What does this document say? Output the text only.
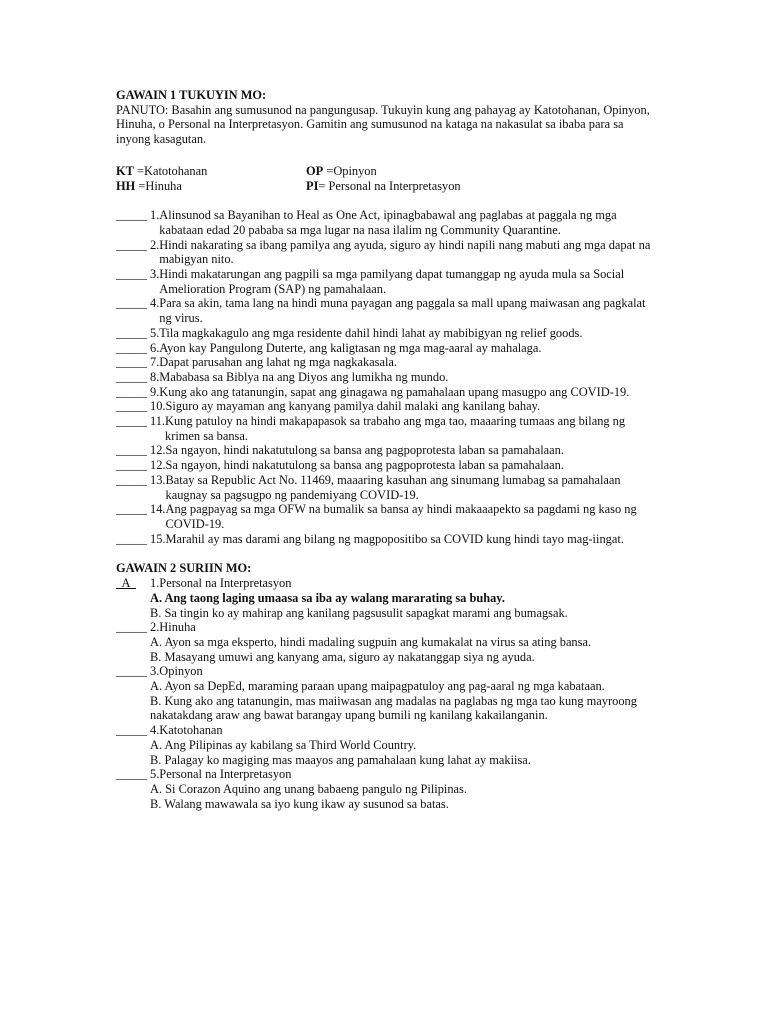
GAWAIN 1 TUKUYIN MO:

PANUTO: Basahin ang sumusunod na pangungusap. Tukuyin kung ang pahayag ay Katotohanan, Opinyon, Hinuha, o Personal na Interpretasyon. Gamitin ang sumusunod na kataga na nakasulat sa ibaba para sa inyong kasagutan.

KT =Katotohanan	OP =Opinyon
HH =Hinuha	PI= Personal na Interpretasyon
_____ 1. Alinsunod sa Bayanihan to Heal as One Act, ipinagbabawal ang paglabas at paggala ng mga kabataan edad 20 pababa sa mga lugar na nasa ilalim ng Community Quarantine.
_____ 2. Hindi nakarating sa ibang pamilya ang ayuda, siguro ay hindi napili nang mabuti ang mga dapat na mabigyan nito.
_____ 3. Hindi makatarungan ang pagpili sa mga pamilyang dapat tumanggap ng ayuda mula sa Social Amelioration Program (SAP) ng pamahalaan.
_____ 4. Para sa akin, tama lang na hindi muna payagan ang paggala sa mall upang maiwasan ang pagkalat ng virus.
_____ 5. Tila magkakagulo ang mga residente dahil hindi lahat ay mabibigyan ng relief goods.
_____ 6. Ayon kay Pangulong Duterte, ang kaligtasan ng mga mag-aaral ay mahalaga.
_____ 7. Dapat parusahan ang lahat ng mga nagkakasala.
_____ 8. Mababasa sa Biblya na ang Diyos ang lumikha ng mundo.
_____ 9. Kung ako ang tatanungin, sapat ang ginagawa ng pamahalaan upang masugpo ang COVID-19.
_____ 10. Siguro ay mayaman ang kanyang pamilya dahil malaki ang kanilang bahay.
_____ 11. Kung patuloy na hindi makapapasok sa trabaho ang mga tao, maaaring tumaas ang bilang ng krimen sa bansa.
_____ 12. Sa ngayon, hindi nakatutulong sa bansa ang pagpoprotesta laban sa pamahalaan.
_____ 12. Sa ngayon, hindi nakatutulong sa bansa ang pagpoprotesta laban sa pamahalaan.
_____ 13. Batay sa Republic Act No. 11469, maaaring kasuhan ang sinumang lumabag sa pamahalaan kaugnay sa pagsugpo ng pandemiyang COVID-19.
_____ 14. Ang pagpayag sa mga OFW na bumalik sa bansa ay hindi makaaapekto sa pagdami ng kaso ng COVID-19.
_____ 15. Marahil ay mas darami ang bilang ng magpopositibo sa COVID kung hindi tayo mag-iingat.

GAWAIN 2 SURIIN MO:

A	1. Personal na Interpretasyon
A. Ang taong laging umaasa sa iba ay walang mararating sa buhay.
B. Sa tingin ko ay mahirap ang kanilang pagsusulit sapagkat marami ang bumagsak.
_____ 2. Hinuha
A. Ayon sa mga eksperto, hindi madaling sugpuin ang kumakalat na virus sa ating bansa.
B. Masayang umuwi ang kanyang ama, siguro ay nakatanggap siya ng ayuda.
_____ 3. Opinyon
A. Ayon sa DepEd, maraming paraan upang maipagpatuloy ang pag-aaral ng mga kabataan.
B. Kung ako ang tatanungin, mas maiiwasan ang madalas na paglabas ng mga tao kung mayroong nakatakdang araw ang bawat barangay upang bumili ng kanilang kakailanganin.
_____ 4. Katotohanan
A. Ang Pilipinas ay kabilang sa Third World Country.
B. Palagay ko magiging mas maayos ang pamahalaan kung lahat ay makiisa.
_____ 5. Personal na Interpretasyon
A. Si Corazon Aquino ang unang babaeng pangulo ng Pilipinas.
B. Walang mawawala sa iyo kung ikaw ay susunod sa batas.
